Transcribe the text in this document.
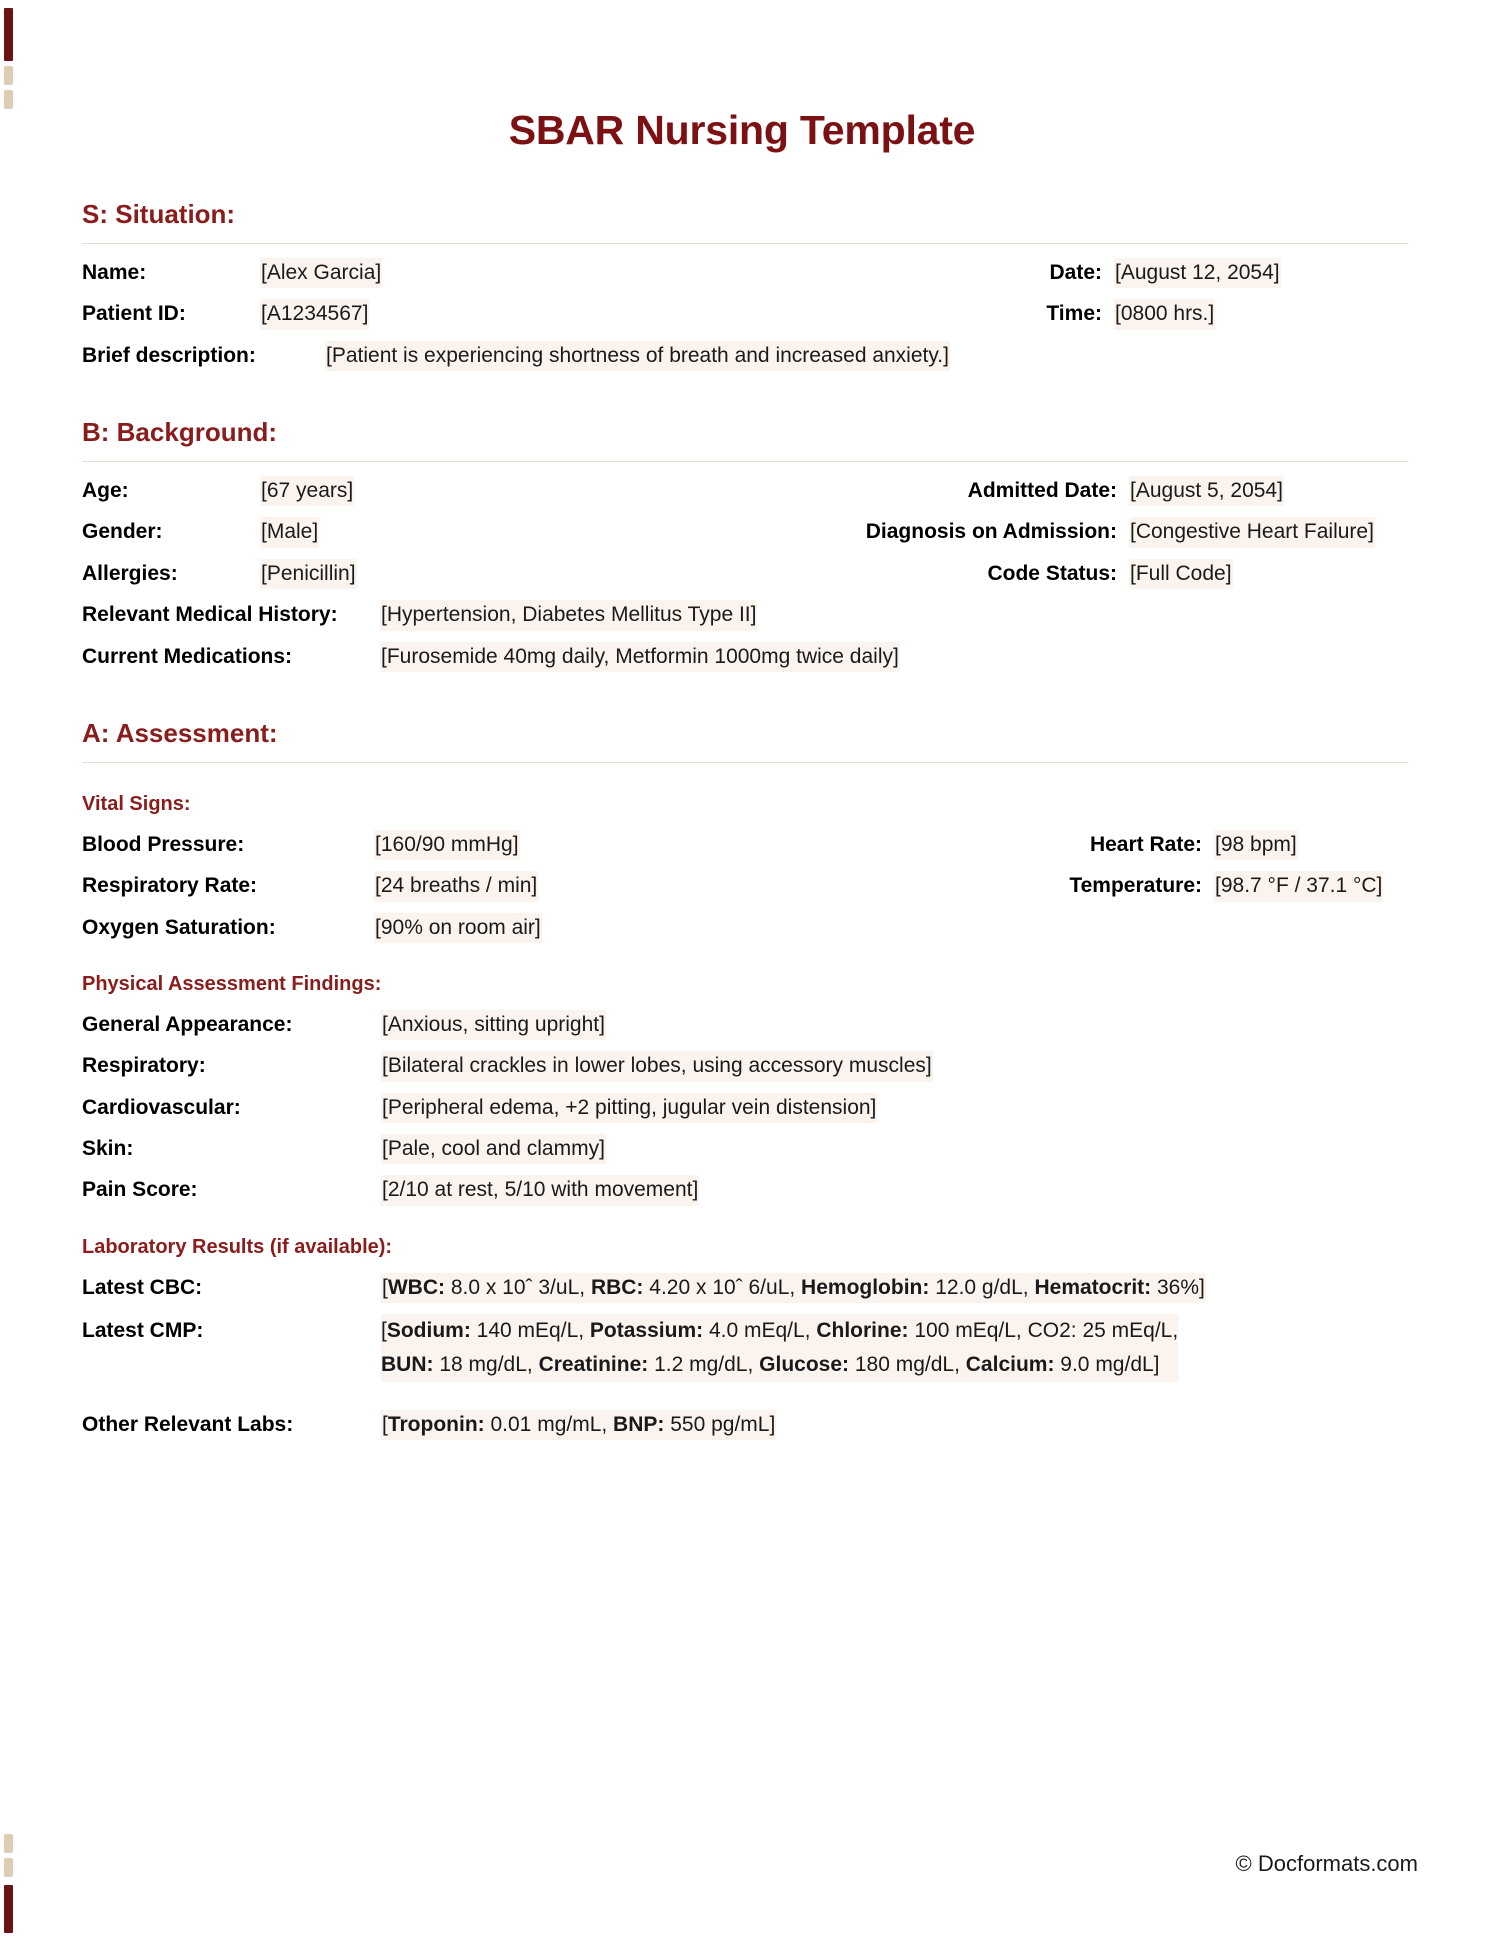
SBAR Nursing Template
S: Situation:
Name:	[Alex Garcia]	Date: [August 12, 2054]
Patient ID:	[A1234567]	Time: [0800 hrs.]
Brief description:	[Patient is experiencing shortness of breath and increased anxiety.]
B: Background:
Age:	[67 years]	Admitted Date: [August 5, 2054]
Gender:	[Male]	Diagnosis on Admission: [Congestive Heart Failure]
Allergies:	[Penicillin]	Code Status: [Full Code]
Relevant Medical History:	[Hypertension, Diabetes Mellitus Type II]
Current Medications:	[Furosemide 40mg daily, Metformin 1000mg twice daily]
A: Assessment:
Vital Signs:
Blood Pressure:	[160/90 mmHg]	Heart Rate: [98 bpm]
Respiratory Rate:	[24 breaths / min]	Temperature: [98.7 °F / 37.1 °C]
Oxygen Saturation:	[90% on room air]
Physical Assessment Findings:
General Appearance:	[Anxious, sitting upright]
Respiratory:	[Bilateral crackles in lower lobes, using accessory muscles]
Cardiovascular:	[Peripheral edema, +2 pitting, jugular vein distension]
Skin:	[Pale, cool and clammy]
Pain Score:	[2/10 at rest, 5/10 with movement]
Laboratory Results (if available):
Latest CBC:	[WBC: 8.0 x 10ˆ 3/uL, RBC: 4.20 x 10ˆ 6/uL, Hemoglobin: 12.0 g/dL, Hematocrit: 36%]
Latest CMP:	[Sodium: 140 mEq/L, Potassium: 4.0 mEq/L, Chlorine: 100 mEq/L, CO2: 25 mEq/L,
BUN: 18 mg/dL, Creatinine: 1.2 mg/dL, Glucose: 180 mg/dL, Calcium: 9.0 mg/dL]
Other Relevant Labs:	[Troponin: 0.01 mg/mL, BNP: 550 pg/mL]
© Docformats.com
